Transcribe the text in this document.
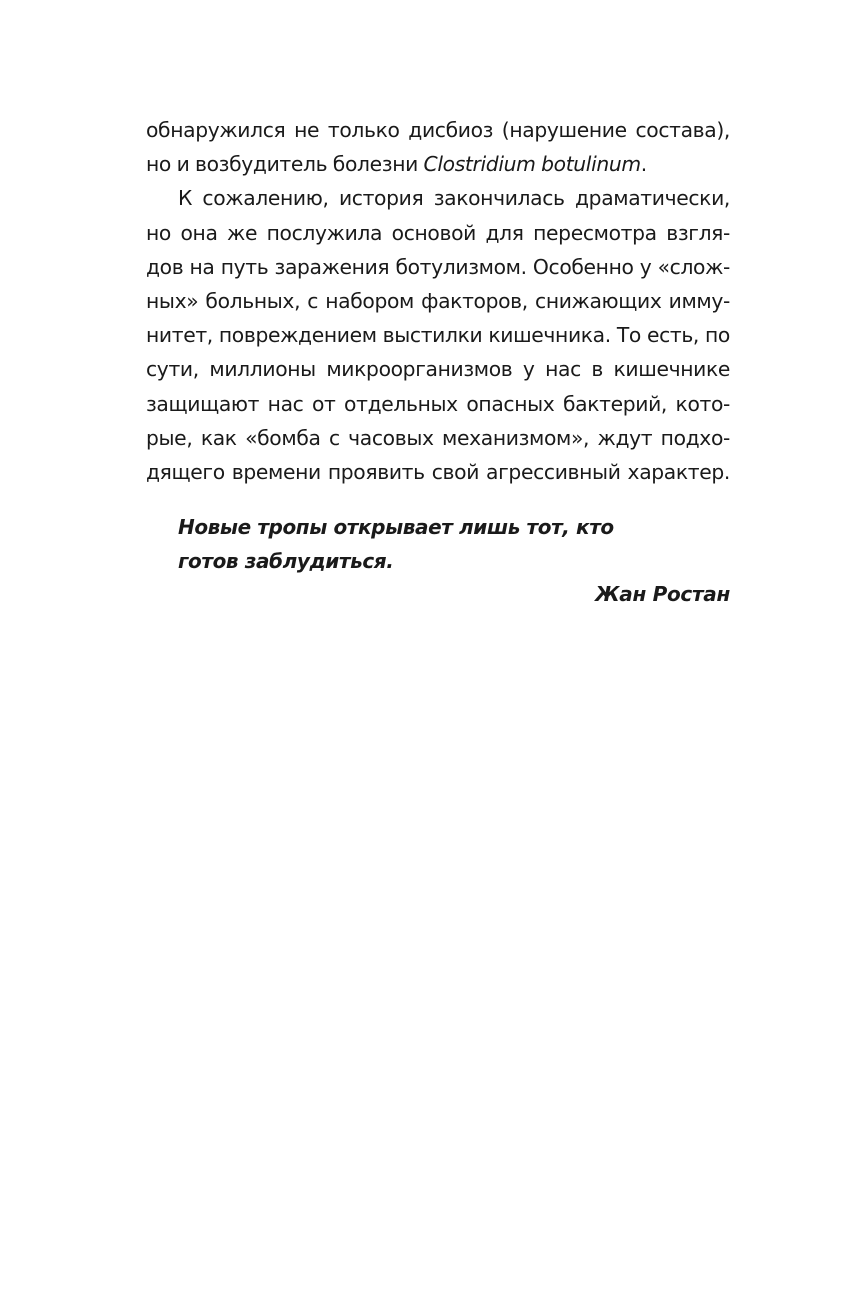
обнаружился не только дисбиоз (нарушение состава),
но и возбудитель болезни Clostridium botulinum.
К сожалению, история закончилась драматически,
но она же послужила основой для пересмотра взгля-
дов на путь заражения ботулизмом. Особенно у «слож-
ных» больных, с набором факторов, снижающих имму-
нитет, повреждением выстилки кишечника. То есть, по
сути, миллионы микроорганизмов у нас в кишечнике
защищают нас от отдельных опасных бактерий, кото-
рые, как «бомба с часовых механизмом», ждут подхо-
дящего времени проявить свой агрессивный характер.
Новые тропы открывает лишь тот, кто
готов заблудиться.
Жан Ростан
